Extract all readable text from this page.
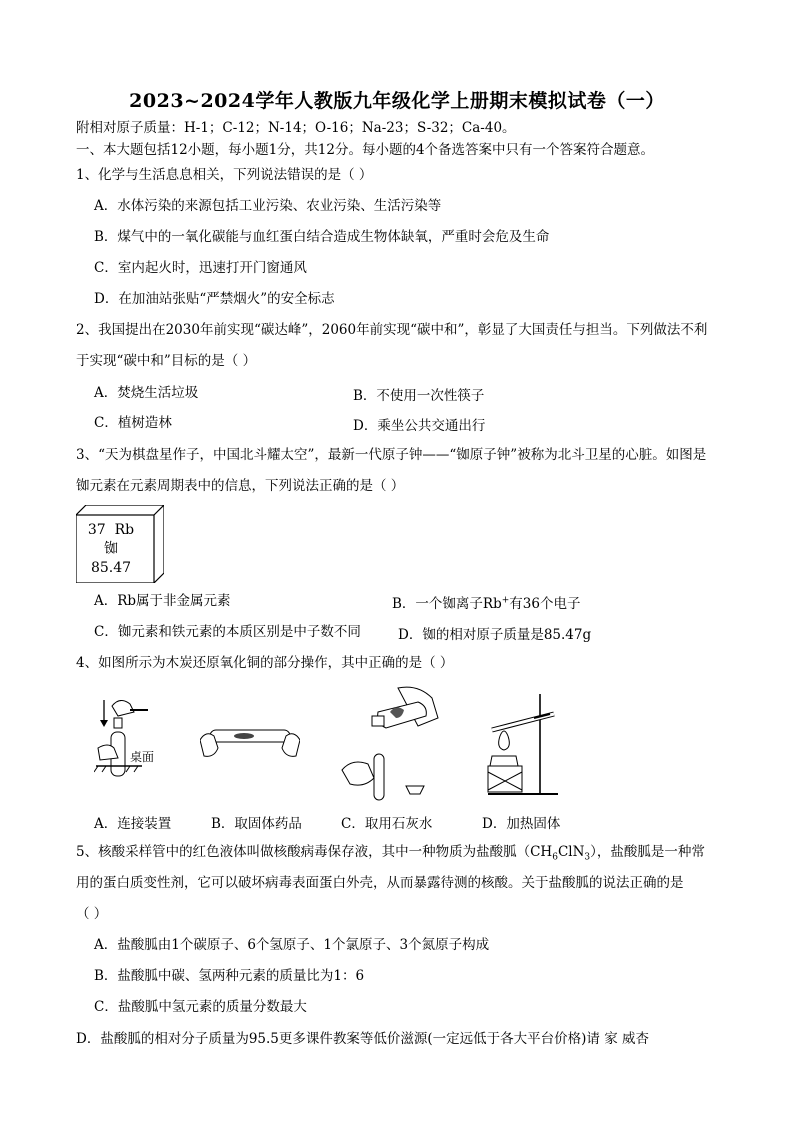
2023~2024学年人教版九年级化学上册期末模拟试卷（一）
附相对原子质量：H-1；C-12；N-14；O-16；Na-23；S-32；Ca-40。
一、本大题包括12小题，每小题1分，共12分。每小题的4个备选答案中只有一个答案符合题意。
1、化学与生活息息相关，下列说法错误的是（ ）
A．水体污染的来源包括工业污染、农业污染、生活污染等
B．煤气中的一氧化碳能与血红蛋白结合造成生物体缺氧，严重时会危及生命
C．室内起火时，迅速打开门窗通风
D．在加油站张贴“严禁烟火”的安全标志
2、我国提出在2030年前实现“碳达峰”，2060年前实现“碳中和”，彰显了大国责任与担当。下列做法不利
于实现“碳中和”目标的是（ ）
A．焚烧生活垃圾	B．不使用一次性筷子
C．植树造林	D．乘坐公共交通出行
3、“天为棋盘星作子，中国北斗耀太空”，最新一代原子钟——“铷原子钟”被称为北斗卫星的心脏。如图是
铷元素在元素周期表中的信息，下列说法正确的是（ ）
37 Rb
铷
85.47
A．Rb属于非金属元素	B．一个铷离子Rb+有36个电子
C．铷元素和铁元素的本质区别是中子数不同	D．铷的相对原子质量是85.47g
4、如图所示为木炭还原氧化铜的部分操作，其中正确的是（ ）
桌面
A．连接装置	B．取固体药品	C．取用石灰水	D．加热固体
5、核酸采样管中的红色液体叫做核酸病毒保存液，其中一种物质为盐酸胍$(CH_6ClN_3)$，盐酸胍是一种常
用的蛋白质变性剂，它可以破坏病毒表面蛋白外壳，从而暴露待测的核酸。关于盐酸胍的说法正确的是
（ ）
A．盐酸胍由1个碳原子、6个氢原子、1个氯原子、3个氮原子构成
B．盐酸胍中碳、氢两种元素的质量比为1：6
C．盐酸胍中氢元素的质量分数最大
D．盐酸胍的相对分子质量为95.5更多课件教案等低价滋源(一定远低于各大平台价格)请 家 威杏
